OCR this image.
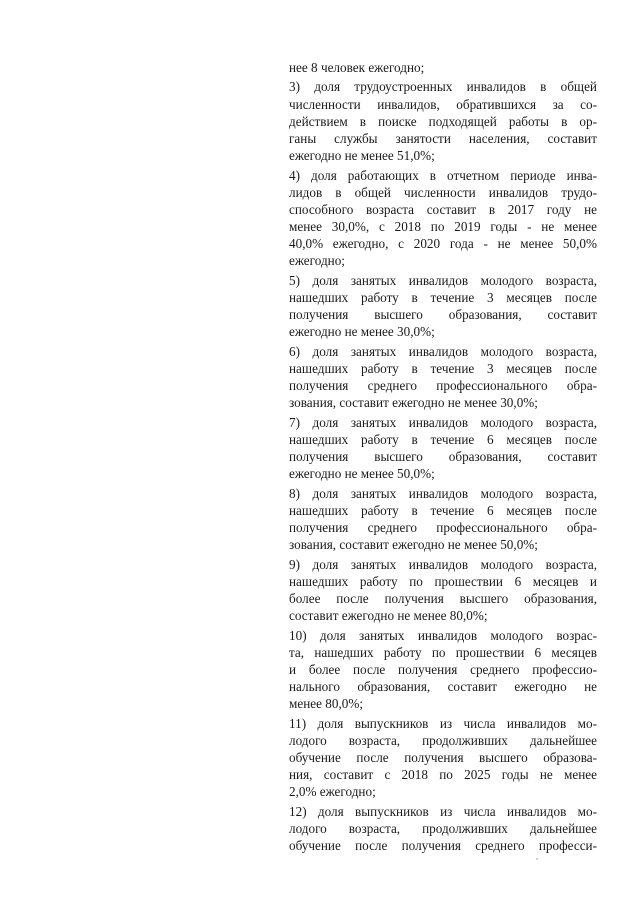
нее 8 человек ежегодно;
3) доля трудоустроенных инвалидов в общей
численности инвалидов, обратившихся за со-
действием в поиске подходящей работы в ор-
ганы службы занятости населения, составит
ежегодно не менее 51,0%;
4) доля работающих в отчетном периоде инва-
лидов в общей численности инвалидов трудо-
способного возраста составит в 2017 году не
менее 30,0%, с 2018 по 2019 годы - не менее
40,0% ежегодно, с 2020 года - не менее 50,0%
ежегодно;
5) доля занятых инвалидов молодого возраста,
нашедших работу в течение 3 месяцев после
получения высшего образования, составит
ежегодно не менее 30,0%;
6) доля занятых инвалидов молодого возраста,
нашедших работу в течение 3 месяцев после
получения среднего профессионального обра-
зования, составит ежегодно не менее 30,0%;
7) доля занятых инвалидов молодого возраста,
нашедших работу в течение 6 месяцев после
получения высшего образования, составит
ежегодно не менее 50,0%;
8) доля занятых инвалидов молодого возраста,
нашедших работу в течение 6 месяцев после
получения среднего профессионального обра-
зования, составит ежегодно не менее 50,0%;
9) доля занятых инвалидов молодого возраста,
нашедших работу по прошествии 6 месяцев и
более после получения высшего образования,
составит ежегодно не менее 80,0%;
10) доля занятых инвалидов молодого возрас-
та, нашедших работу по прошествии 6 месяцев
и более после получения среднего профессио-
нального образования, составит ежегодно не
менее 80,0%;
11) доля выпускников из числа инвалидов мо-
лодого возраста, продолживших дальнейшее
обучение после получения высшего образова-
ния, составит с 2018 по 2025 годы не менее
2,0% ежегодно;
12) доля выпускников из числа инвалидов мо-
лодого возраста, продолживших дальнейшее
обучение после получения среднего професси-
